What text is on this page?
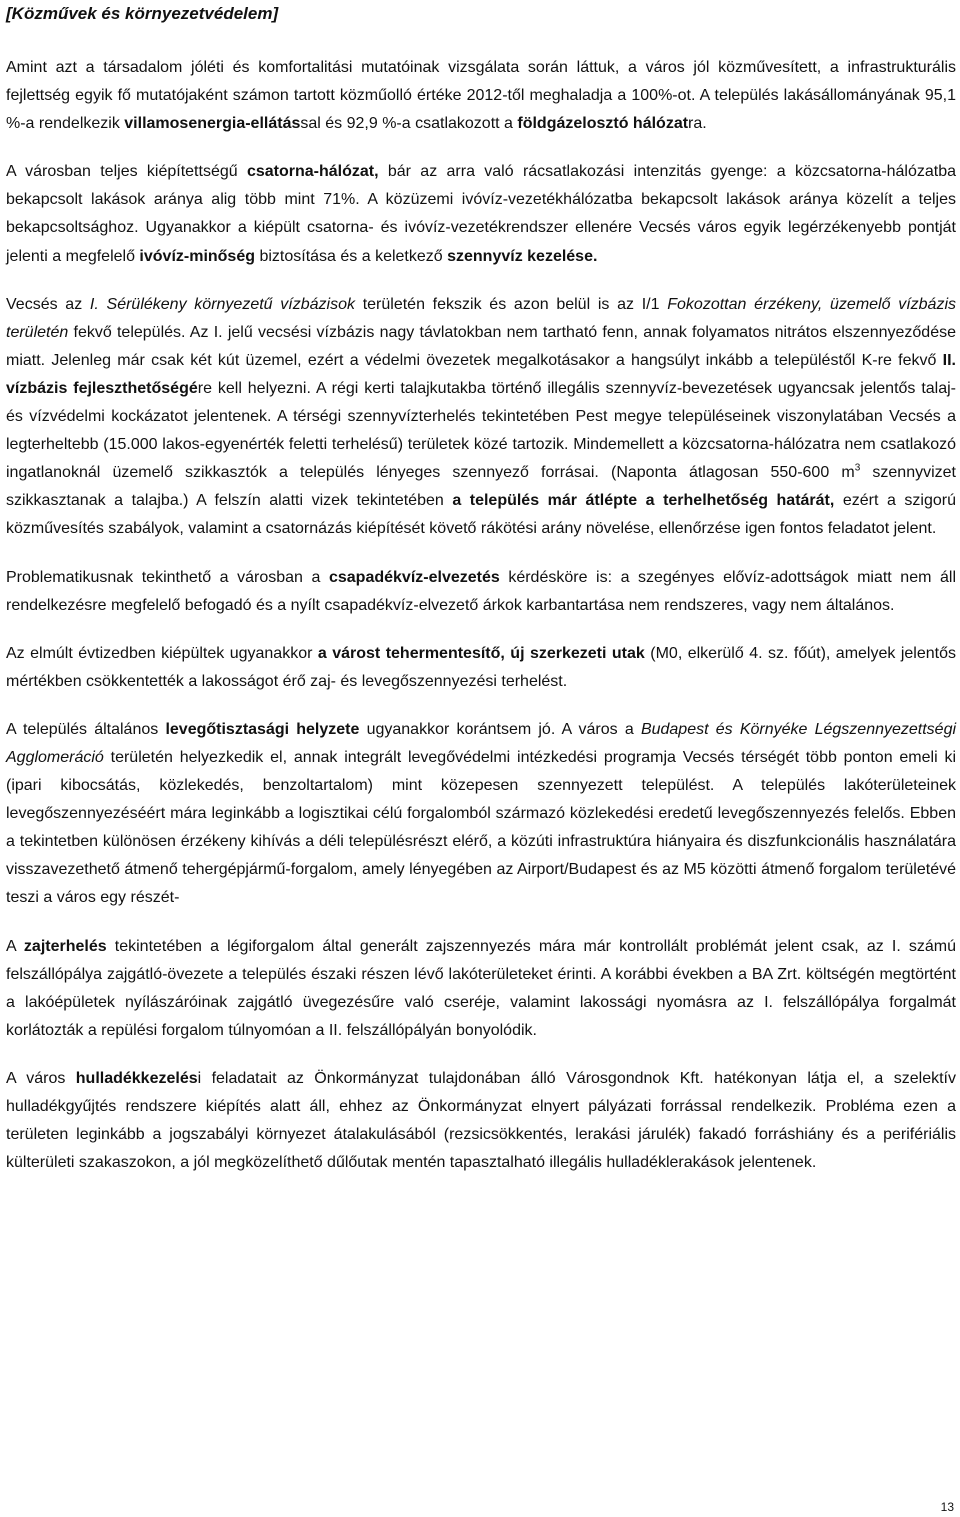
[Közművek és környezetvédelem]

Amint azt a társadalom jóléti és komfortalitási mutatóinak vizsgálata során láttuk, a város jól közművesített, a infrastrukturális fejlettség egyik fő mutatójaként számon tartott közműolló értéke 2012-től meghaladja a 100%-ot. A település lakásállományának 95,1 %-a rendelkezik villamosenergia-ellátással és 92,9 %-a csatlakozott a földgázelosztó hálózatra.

A városban teljes kiépítettségű csatorna-hálózat, bár az arra való rácsatlakozási intenzitás gyenge: a közcsatorna-hálózatba bekapcsolt lakások aránya alig több mint 71%. A közüzemi ivóvíz-vezetékhálózatba bekapcsolt lakások aránya közelít a teljes bekapcsoltsághoz. Ugyanakkor a kiépült csatorna- és ivóvíz-vezetékrendszer ellenére Vecsés város egyik legérzékenyebb pontját jelenti a megfelelő ivóvíz-minőség biztosítása és a keletkező szennyvíz kezelése.

Vecsés az I. Sérülékeny környezetű vízbázisok területén fekszik és azon belül is az I/1 Fokozottan érzékeny, üzemelő vízbázis területén fekvő település. Az I. jelű vecsési vízbázis nagy távlatokban nem tartható fenn, annak folyamatos nitrátos elszennyeződése miatt. Jelenleg már csak két kút üzemel, ezért a védelmi övezetek megalkotásakor a hangsúlyt inkább a településtől K-re fekvő II. vízbázis fejleszthetőségére kell helyezni. A régi kerti talajkutakba történő illegális szennyvíz-bevezetések ugyancsak jelentős talaj- és vízvédelmi kockázatot jelentenek. A térségi szennyvízterhelés tekintetében Pest megye településeinek viszonylatában Vecsés a legterheltebb (15.000 lakos-egyenérték feletti terhelésű) területek közé tartozik. Mindemellett a közcsatorna-hálózatra nem csatlakozó ingatlanoknál üzemelő szikkasztók a település lényeges szennyező forrásai. (Naponta átlagosan 550-600 $m^3$ szennyvizet szikkasztanak a talajba.) A felszín alatti vizek tekintetében a település már átlépte a terhelhetőség határát, ezért a szigorú közművesítés szabályok, valamint a csatornázás kiépítését követő rákötési arány növelése, ellenőrzése igen fontos feladatot jelent.

Problematikusnak tekinthető a városban a csapadékvíz-elvezetés kérdésköre is: a szegényes elővíz-adottságok miatt nem áll rendelkezésre megfelelő befogadó és a nyílt csapadékvíz-elvezető árkok karbantartása nem rendszeres, vagy nem általános.

Az elmúlt évtizedben kiépültek ugyanakkor a várost tehermentesítő, új szerkezeti utak (M0, elkerülő 4. sz. főút), amelyek jelentős mértékben csökkentették a lakosságot érő zaj- és levegőszennyezési terhelést.

A település általános levegőtisztasági helyzete ugyanakkor korántsem jó. A város a Budapest és Környéke Légszennyezettségi Agglomeráció területén helyezkedik el, annak integrált levegővédelmi intézkedési programja Vecsés térségét több ponton emeli ki (ipari kibocsátás, közlekedés, benzoltartalom) mint közepesen szennyezett települést. A település lakóterületeinek levegőszennyezéséért mára leginkább a logisztikai célú forgalomból származó közlekedési eredetű levegőszennyezés felelős. Ebben a tekintetben különösen érzékeny kihívás a déli településrészt elérő, a közúti infrastruktúra hiányaira és diszfunkcionális használatára visszavezethető átmenő tehergépjármű-forgalom, amely lényegében az Airport/Budapest és az M5 közötti átmenő forgalom területévé teszi a város egy részét-

A zajterhelés tekintetében a légiforgalom által generált zajszennyezés mára már kontrollált problémát jelent csak, az I. számú felszállópálya zajgátló-övezete a település északi részen lévő lakóterületeket érinti. A korábbi években a BA Zrt. költségén megtörtént a lakóépületek nyílászáróinak zajgátló üvegezésűre való cseréje, valamint lakossági nyomásra az I. felszállópálya forgalmát korlátozták a repülési forgalom túlnyomóan a II. felszállópályán bonyolódik.

A város hulladékkezelési feladatait az Önkormányzat tulajdonában álló Városgondnok Kft. hatékonyan látja el, a szelektív hulladékgyűjtés rendszere kiépítés alatt áll, ehhez az Önkormányzat elnyert pályázati forrással rendelkezik. Probléma ezen a területen leginkább a jogszabályi környezet átalakulásából (rezsicsökkentés, lerakási járulék) fakadó forráshiány és a perifériális külterületi szakaszokon, a jól megközelíthető dűlőutak mentén tapasztalható illegális hulladéklerakások jelentenek.

13
